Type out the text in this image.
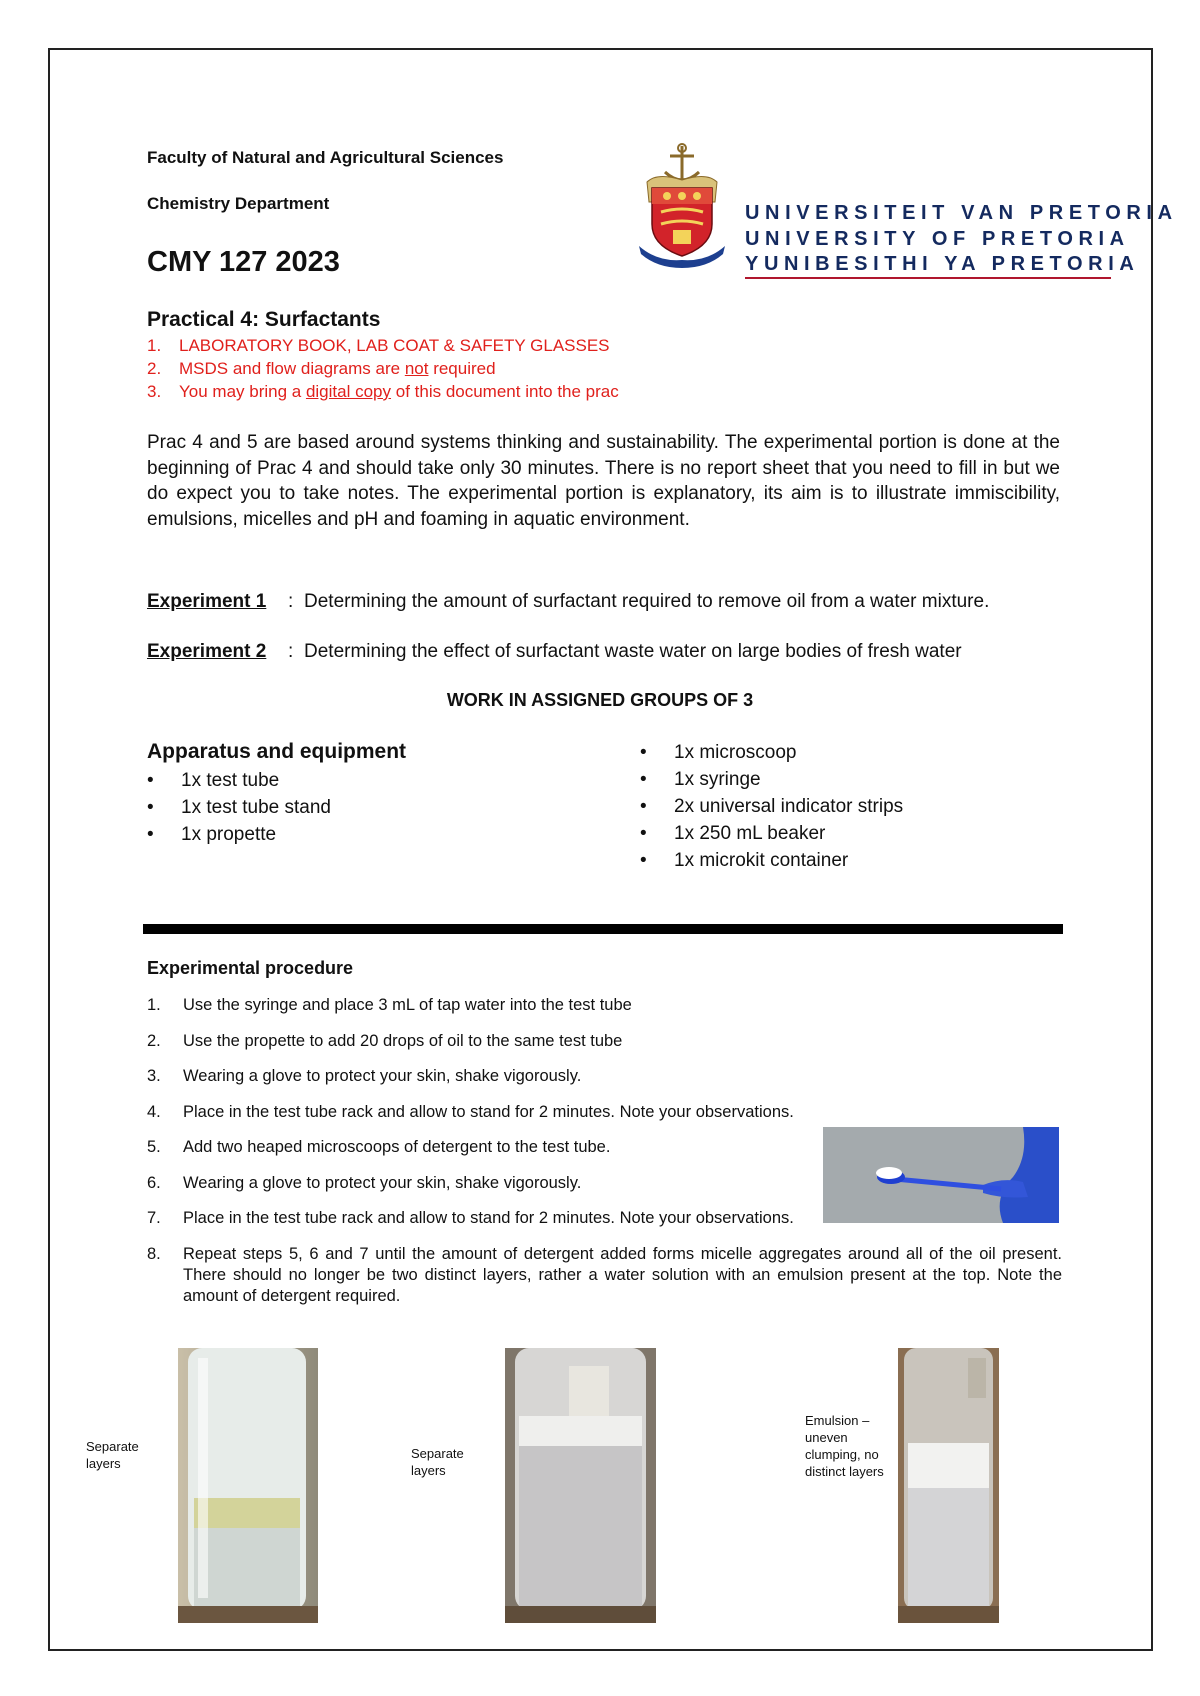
Faculty of Natural and Agricultural Sciences
Chemistry Department
CMY 127 2023
UNIVERSITEIT VAN PRETORIA
UNIVERSITY OF PRETORIA
YUNIBESITHI YA PRETORIA
Practical 4: Surfactants
1. LABORATORY BOOK, LAB COAT & SAFETY GLASSES
2. MSDS and flow diagrams are not required
3. You may bring a digital copy of this document into the prac
Prac 4 and 5 are based around systems thinking and sustainability. The experimental portion is done at the beginning of Prac 4 and should take only 30 minutes. There is no report sheet that you need to fill in but we do expect you to take notes. The experimental portion is explanatory, its aim is to illustrate immiscibility, emulsions, micelles and pH and foaming in aquatic environment.
Experiment 1 : Determining the amount of surfactant required to remove oil from a water mixture.
Experiment 2 : Determining the effect of surfactant waste water on large bodies of fresh water
WORK IN ASSIGNED GROUPS OF 3
Apparatus and equipment
• 1x test tube
• 1x test tube stand
• 1x propette
• 1x microscoop
• 1x syringe
• 2x universal indicator strips
• 1x 250 mL beaker
• 1x microkit container
Experimental procedure
1. Use the syringe and place 3 mL of tap water into the test tube
2. Use the propette to add 20 drops of oil to the same test tube
3. Wearing a glove to protect your skin, shake vigorously.
4. Place in the test tube rack and allow to stand for 2 minutes. Note your observations.
5. Add two heaped microscoops of detergent to the test tube.
6. Wearing a glove to protect your skin, shake vigorously.
7. Place in the test tube rack and allow to stand for 2 minutes. Note your observations.
8. Repeat steps 5, 6 and 7 until the amount of detergent added forms micelle aggregates around all of the oil present. There should no longer be two distinct layers, rather a water solution with an emulsion present at the top. Note the amount of detergent required.
Separate layers
Separate layers
Emulsion – uneven clumping, no distinct layers
